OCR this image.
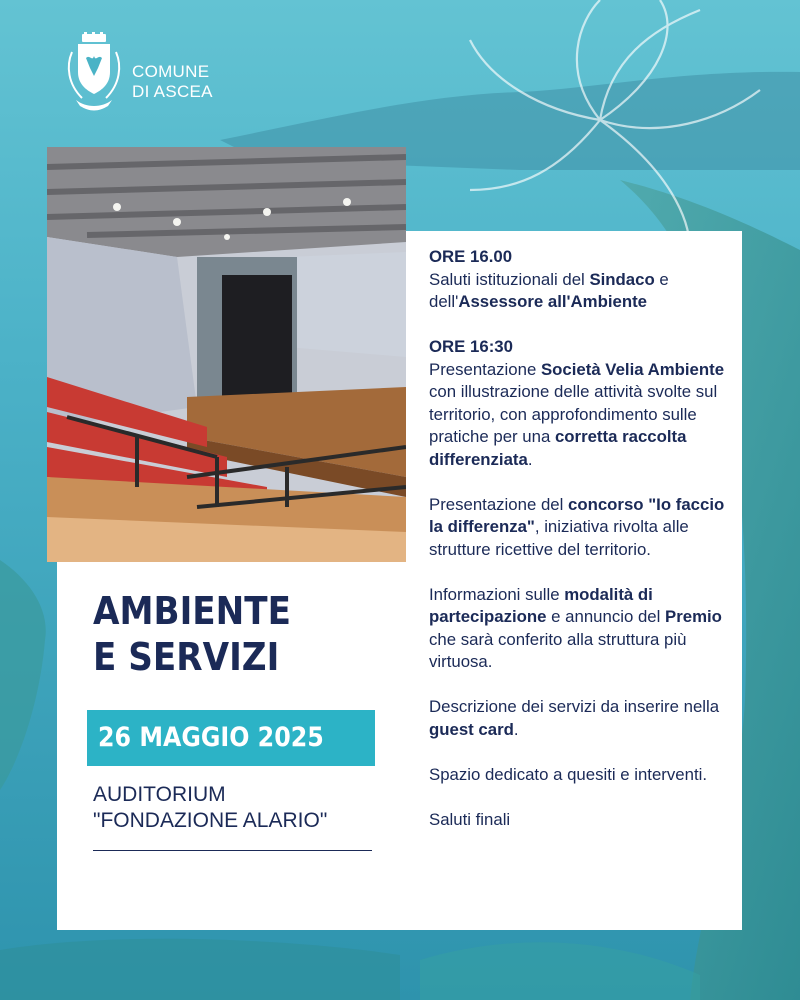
COMUNE
DI ASCEA
AMBIENTE
E SERVIZI
26 MAGGIO 2025
AUDITORIUM
"FONDAZIONE ALARIO"

ORE 16.00
Saluti istituzionali del Sindaco e dell'Assessore all'Ambiente

ORE 16:30
Presentazione Società Velia Ambiente con illustrazione delle attività svolte sul territorio, con approfondimento sulle pratiche per una corretta raccolta differenziata.

Presentazione del concorso "Io faccio la differenza", iniziativa rivolta alle strutture ricettive del territorio.

Informazioni sulle modalità di partecipazione e annuncio del Premio che sarà conferito alla struttura più virtuosa.

Descrizione dei servizi da inserire nella guest card.

Spazio dedicato a quesiti e interventi.

Saluti finali
